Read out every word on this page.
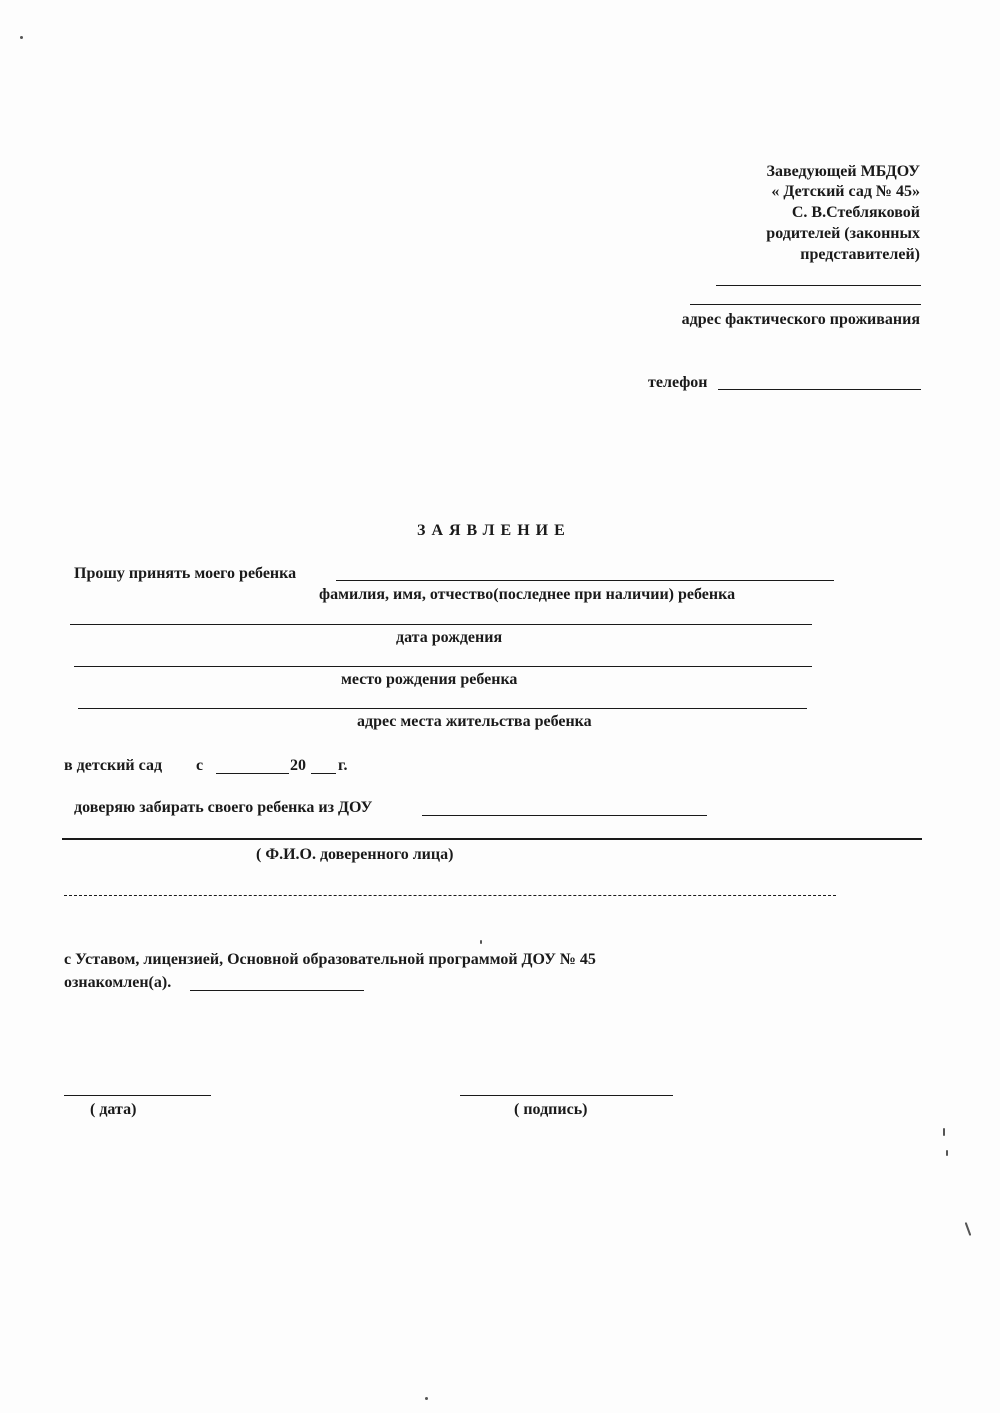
Заведующей МБДОУ
« Детский сад № 45»
С. В.Стебляковой
родителей (законных
представителей)
адрес фактического проживания
телефон
ЗАЯВЛЕНИЕ
Прошу принять моего ребенка
фамилия, имя, отчество(последнее при наличии) ребенка
дата рождения
место рождения ребенка
адрес места жительства ребенка
в детский сад с	20 г.
доверяю забирать своего ребенка из ДОУ
( Ф.И.О. доверенного лица)
с Уставом, лицензией, Основной образовательной программой ДОУ № 45
ознакомлен(а).
( дата)	( подпись)
